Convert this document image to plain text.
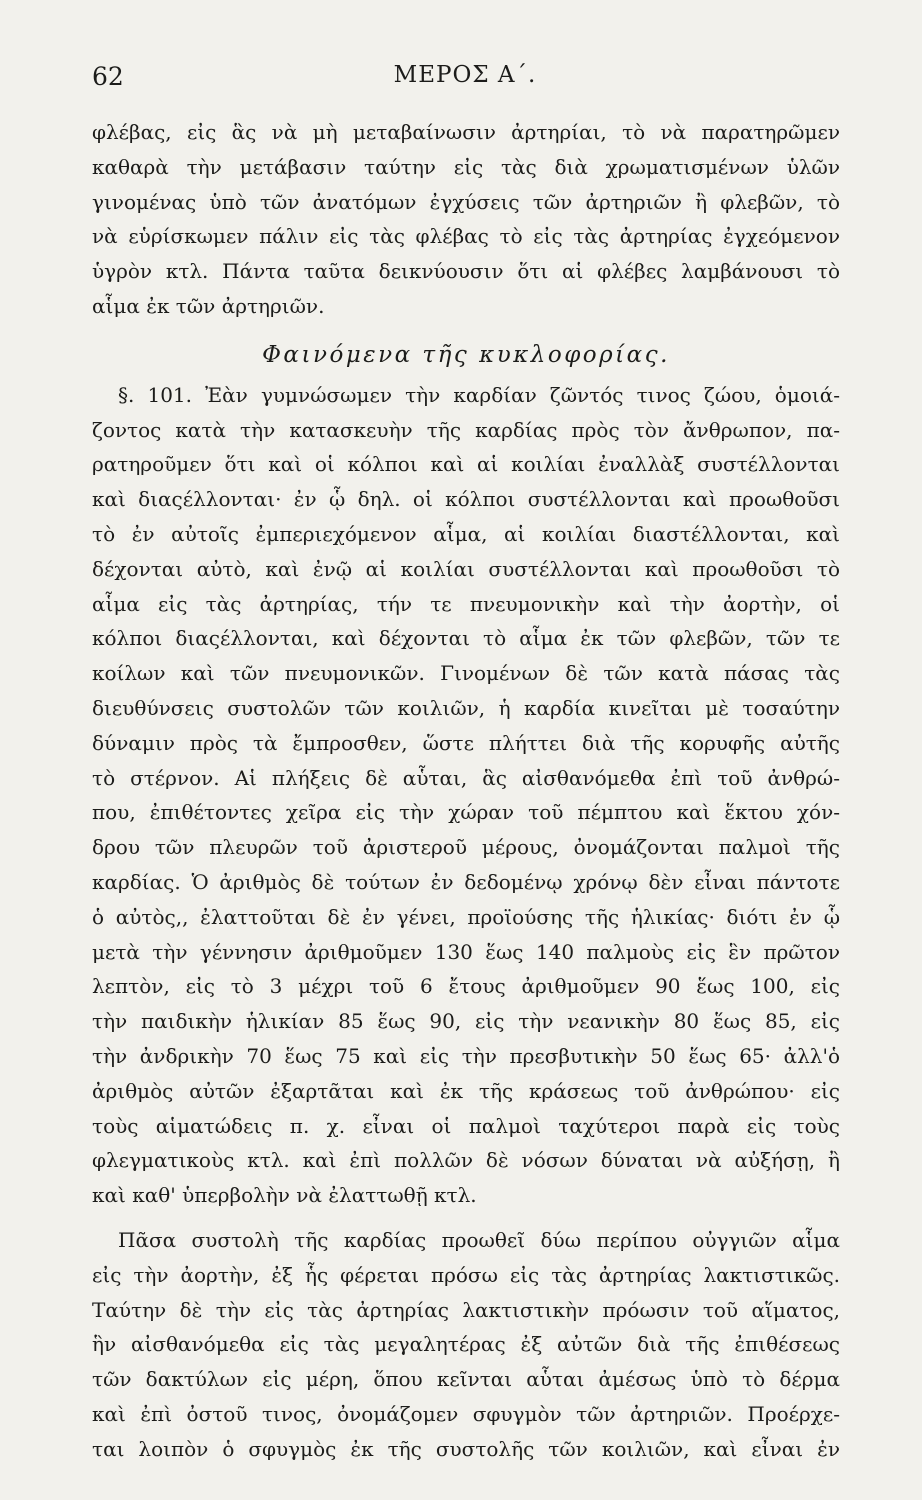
62	ΜΕΡΟΣ Α΄.
φλέβας, εἰς ἃς νὰ μὴ μεταβαίνωσιν ἀρτηρίαι, τὸ νὰ παρατηρῶμεν
καθαρὰ τὴν μετάβασιν ταύτην εἰς τὰς διὰ χρωματισμένων ὑλῶν
γινομένας ὑπὸ τῶν ἀνατόμων ἐγχύσεις τῶν ἀρτηριῶν ἢ φλεβῶν, τὸ
νὰ εὑρίσκωμεν πάλιν εἰς τὰς φλέβας τὸ εἰς τὰς ἀρτηρίας ἐγχεόμενον
ὑγρὸν κτλ. Πάντα ταῦτα δεικνύουσιν ὅτι αἱ φλέβες λαμβάνουσι τὸ
αἷμα ἐκ τῶν ἀρτηριῶν.
Φαινόμενα τῆς κυκλοφορίας.
§. 101. Ἐὰν γυμνώσωμεν τὴν καρδίαν ζῶντός τινος ζώου, ὁμοιά-
ζοντος κατὰ τὴν κατασκευὴν τῆς καρδίας πρὸς τὸν ἄνθρωπον, πα-
ρατηροῦμεν ὅτι καὶ οἱ κόλποι καὶ αἱ κοιλίαι ἐναλλὰξ συστέλλονται
καὶ διαςέλλονται· ἐν ᾧ δηλ. οἱ κόλποι συστέλλονται καὶ προωθοῦσι
τὸ ἐν αὐτοῖς ἐμπεριεχόμενον αἷμα, αἱ κοιλίαι διαστέλλονται, καὶ
δέχονται αὐτὸ, καὶ ἐνῷ αἱ κοιλίαι συστέλλονται καὶ προωθοῦσι τὸ
αἷμα εἰς τὰς ἀρτηρίας, τήν τε πνευμονικὴν καὶ τὴν ἀορτὴν, οἱ
κόλποι διαςέλλονται, καὶ δέχονται τὸ αἷμα ἐκ τῶν φλεβῶν, τῶν τε
κοίλων καὶ τῶν πνευμονικῶν. Γινομένων δὲ τῶν κατὰ πάσας τὰς
διευθύνσεις συστολῶν τῶν κοιλιῶν, ἡ καρδία κινεῖται μὲ τοσαύτην
δύναμιν πρὸς τὰ ἔμπροσθεν, ὥστε πλήττει διὰ τῆς κορυφῆς αὐτῆς
τὸ στέρνον. Αἱ πλήξεις δὲ αὗται, ἃς αἰσθανόμεθα ἐπὶ τοῦ ἀνθρώ-
που, ἐπιθέτοντες χεῖρα εἰς τὴν χώραν τοῦ πέμπτου καὶ ἕκτου χόν-
δρου τῶν πλευρῶν τοῦ ἀριστεροῦ μέρους, ὀνομάζονται παλμοὶ τῆς
καρδίας. Ὁ ἀριθμὸς δὲ τούτων ἐν δεδομένῳ χρόνῳ δὲν εἶναι πάντοτε
ὁ αὐτὸς,, ἐλαττοῦται δὲ ἐν γένει, προϊούσης τῆς ἡλικίας· διότι ἐν ᾧ
μετὰ τὴν γέννησιν ἀριθμοῦμεν 130 ἕως 140 παλμοὺς εἰς ἓν πρῶτον
λεπτὸν, εἰς τὸ 3 μέχρι τοῦ 6 ἔτους ἀριθμοῦμεν 90 ἕως 100, εἰς
τὴν παιδικὴν ἡλικίαν 85 ἕως 90, εἰς τὴν νεανικὴν 80 ἕως 85, εἰς
τὴν ἀνδρικὴν 70 ἕως 75 καὶ εἰς τὴν πρεσβυτικὴν 50 ἕως 65· ἀλλ'ὁ
ἀριθμὸς αὐτῶν ἐξαρτᾶται καὶ ἐκ τῆς κράσεως τοῦ ἀνθρώπου· εἰς
τοὺς αἱματώδεις π. χ. εἶναι οἱ παλμοὶ ταχύτεροι παρὰ εἰς τοὺς
φλεγματικοὺς κτλ. καὶ ἐπὶ πολλῶν δὲ νόσων δύναται νὰ αὐξήσῃ, ἢ
καὶ καθ' ὑπερβολὴν νὰ ἐλαττωθῇ κτλ.
Πᾶσα συστολὴ τῆς καρδίας προωθεῖ δύω περίπου οὐγγιῶν αἷμα
εἰς τὴν ἀορτὴν, ἐξ ἧς φέρεται πρόσω εἰς τὰς ἀρτηρίας λακτιστικῶς.
Ταύτην δὲ τὴν εἰς τὰς ἀρτηρίας λακτιστικὴν πρόωσιν τοῦ αἵματος,
ἣν αἰσθανόμεθα εἰς τὰς μεγαλητέρας ἐξ αὐτῶν διὰ τῆς ἐπιθέσεως
τῶν δακτύλων εἰς μέρη, ὅπου κεῖνται αὗται ἀμέσως ὑπὸ τὸ δέρμα
καὶ ἐπὶ ὀστοῦ τινος, ὀνομάζομεν σφυγμὸν τῶν ἀρτηριῶν. Προέρχε-
ται λοιπὸν ὁ σφυγμὸς ἐκ τῆς συστολῆς τῶν κοιλιῶν, καὶ εἶναι ἐν
